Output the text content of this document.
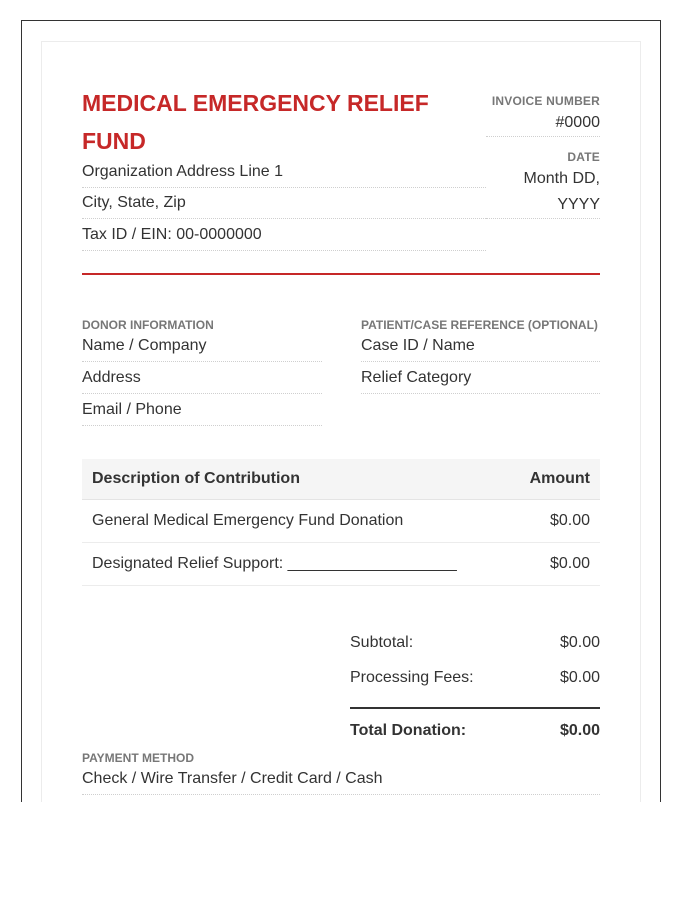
MEDICAL EMERGENCY RELIEF FUND
Organization Address Line 1
City, State, Zip
Tax ID / EIN: 00-0000000
INVOICE NUMBER
#0000
DATE
Month DD,
YYYY
DONOR INFORMATION
Name / Company
Address
Email / Phone
PATIENT/CASE REFERENCE (OPTIONAL)
Case ID / Name
Relief Category
Description of Contribution	Amount
General Medical Emergency Fund Donation	$0.00
Designated Relief Support: ___________________	$0.00
Subtotal:	$0.00
Processing Fees:	$0.00
Total Donation:	$0.00
PAYMENT METHOD
Check / Wire Transfer / Credit Card / Cash
